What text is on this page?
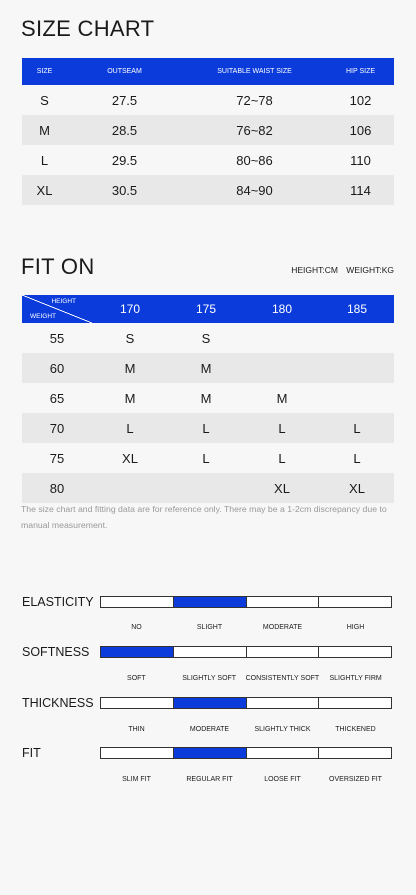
SIZE CHART
SIZE	OUTSEAM	SUITABLE WAIST SIZE	HIP SIZE
S	27.5	72~78	102
M	28.5	76~82	106
L	29.5	80~86	110
XL	30.5	84~90	114
FIT ON	HEIGHT:CM WEIGHT:KG
HEIGHT
WEIGHT	170	175	180	185
55	S	S		
60	M	M		
65	M	M	M	
70	L	L	L	L
75	XL	L	L	L
80			XL	XL
The size chart and fitting data are for reference only. There may be a 1-2cm discrepancy due to manual measurement.
ELASTICITY
NO	SLIGHT	MODERATE	HIGH
SOFTNESS
SOFT	SLIGHTLY SOFT	CONSISTENTLY SOFT	SLIGHTLY FIRM
THICKNESS
THIN	MODERATE	SLIGHTLY THICK	THICKENED
FIT
SLIM FIT	REGULAR FIT	LOOSE FIT	OVERSIZED FIT
